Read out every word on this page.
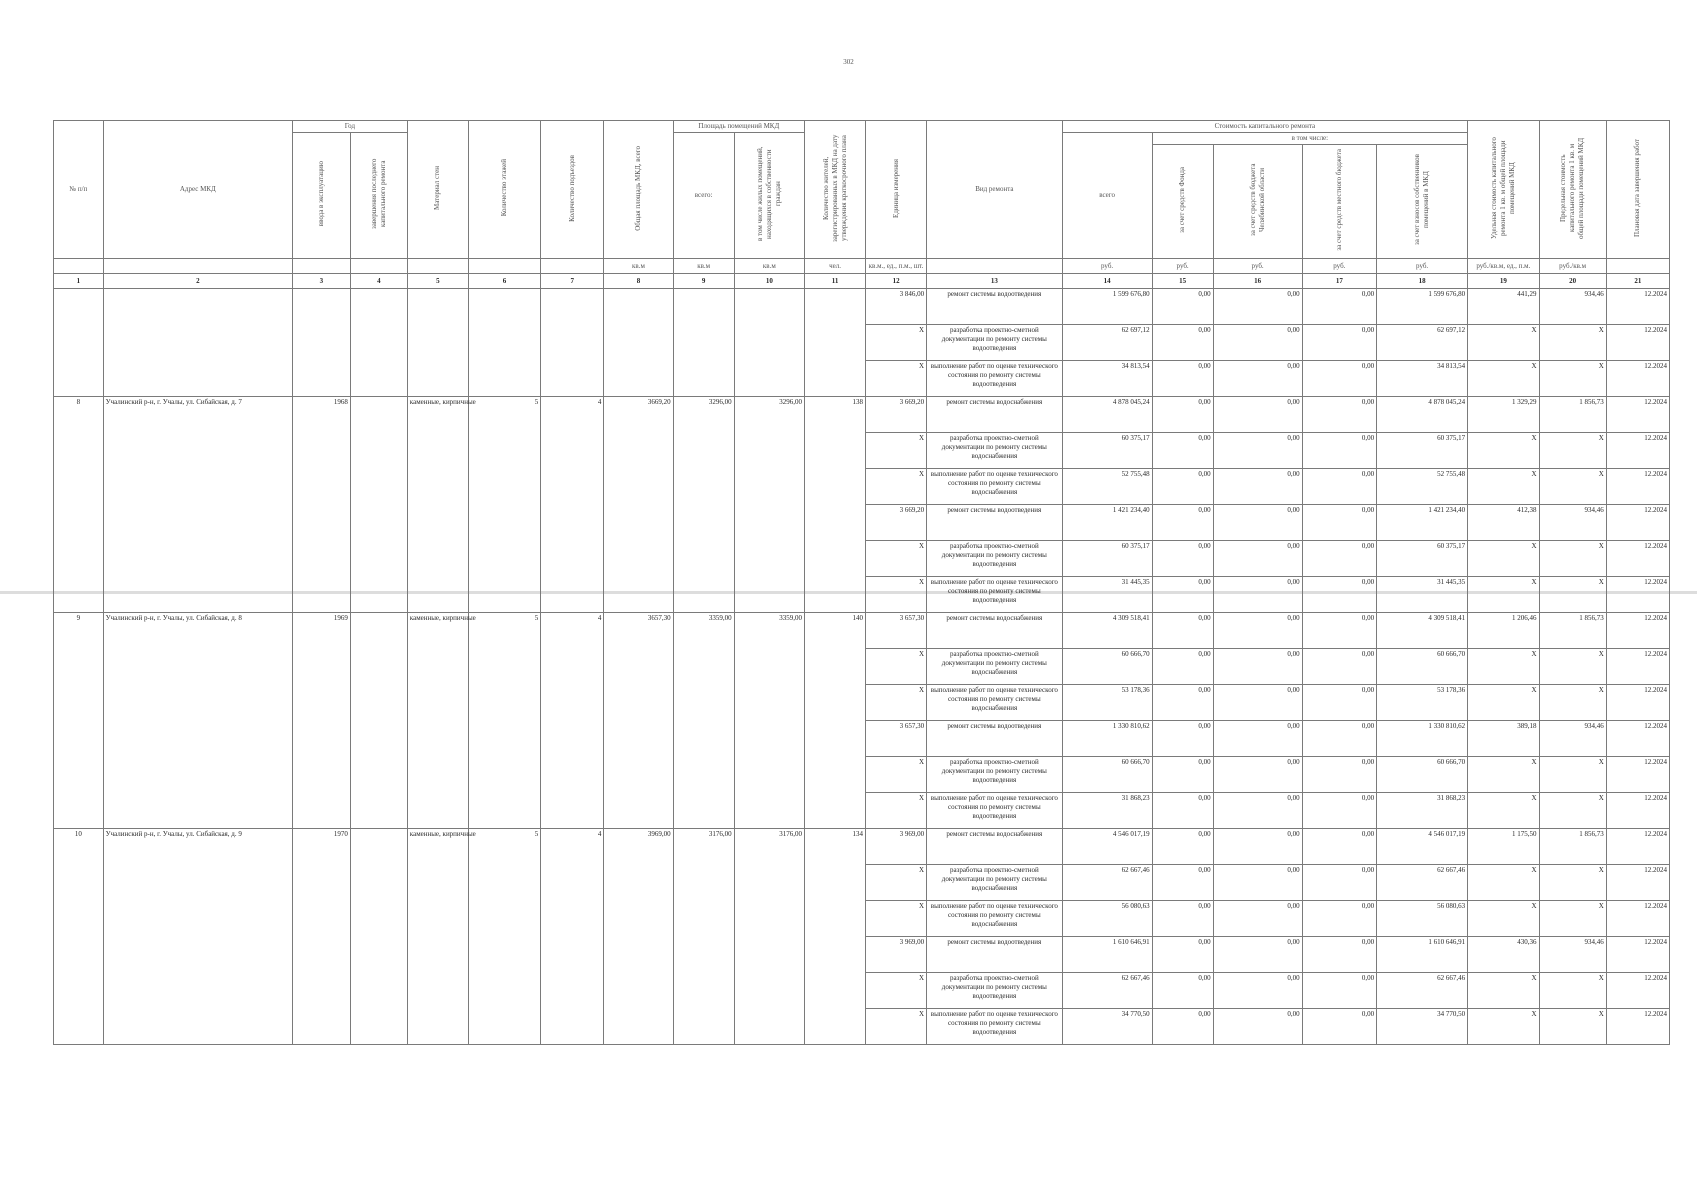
302
№ п/п	Адрес МКД	Год		Материал стен	Количество этажей	Количество подъездов	Общая площадь МКД, всего	Площадь помещений МКД		Количество жителей, зарегистрированных в МКД на дату утверждения краткосрочного плана	Единица измерения	Вид ремонта	Стоимость капитального ремонта					Удельная стоимость капитального ремонта 1 кв. м общей площади помещений МКД	Предельная стоимость капитального ремонта 1 кв. м общей площади помещений МКД	Плановая дата завершения работ
		ввода в эксплуатацию	завершения последнего капитального ремонта					всего:	в том числе жилых помещений, находящихся в собственности граждан				всего	в том числе:						
														за счет средств Фонда	за счет средств бюджета Челябинской области	за счет средств местного бюджета	за счет взносов собственников помещений в МКД			
							кв.м	кв.м	кв.м	чел.	кв.м., ед., п.м., шт.		руб.	руб.	руб.	руб.	руб.	руб./кв.м, ед., п.м.	руб./кв.м	
1	2	3	4	5	6	7	8	9	10	11	12	13	14	15	16	17	18	19	20	21
											3 846,00	ремонт системы водоотведения	1 599 676,80	0,00	0,00	0,00	1 599 676,80	441,29	934,46	12.2024
											X	разработка проектно-сметной документации по ремонту системы водоотведения	62 697,12	0,00	0,00	0,00	62 697,12	X	X	12.2024
											X	выполнение работ по оценке технического состояния по ремонту системы водоотведения	34 813,54	0,00	0,00	0,00	34 813,54	X	X	12.2024
8	Учалинский р-н, г. Учалы, ул. Сибайская, д. 7	1968		каменные, кирпичные	5	4	3669,20	3296,00	3296,00	138	3 669,20	ремонт системы водоснабжения	4 878 045,24	0,00	0,00	0,00	4 878 045,24	1 329,29	1 856,73	12.2024
											X	разработка проектно-сметной документации по ремонту системы водоснабжения	60 375,17	0,00	0,00	0,00	60 375,17	X	X	12.2024
											X	выполнение работ по оценке технического состояния по ремонту системы водоснабжения	52 755,48	0,00	0,00	0,00	52 755,48	X	X	12.2024
											3 669,20	ремонт системы водоотведения	1 421 234,40	0,00	0,00	0,00	1 421 234,40	412,38	934,46	12.2024
											X	разработка проектно-сметной документации по ремонту системы водоотведения	60 375,17	0,00	0,00	0,00	60 375,17	X	X	12.2024
											X	выполнение работ по оценке технического состояния по ремонту системы водоотведения	31 445,35	0,00	0,00	0,00	31 445,35	X	X	12.2024
9	Учалинский р-н, г. Учалы, ул. Сибайская, д. 8	1969		каменные, кирпичные	5	4	3657,30	3359,00	3359,00	140	3 657,30	ремонт системы водоснабжения	4 309 518,41	0,00	0,00	0,00	4 309 518,41	1 206,46	1 856,73	12.2024
											X	разработка проектно-сметной документации по ремонту системы водоснабжения	60 666,70	0,00	0,00	0,00	60 666,70	X	X	12.2024
											X	выполнение работ по оценке технического состояния по ремонту системы водоснабжения	53 178,36	0,00	0,00	0,00	53 178,36	X	X	12.2024
											3 657,30	ремонт системы водоотведения	1 330 810,62	0,00	0,00	0,00	1 330 810,62	389,18	934,46	12.2024
											X	разработка проектно-сметной документации по ремонту системы водоотведения	60 666,70	0,00	0,00	0,00	60 666,70	X	X	12.2024
											X	выполнение работ по оценке технического состояния по ремонту системы водоотведения	31 868,23	0,00	0,00	0,00	31 868,23	X	X	12.2024
10	Учалинский р-н, г. Учалы, ул. Сибайская, д. 9	1970		каменные, кирпичные	5	4	3969,00	3176,00	3176,00	134	3 969,00	ремонт системы водоснабжения	4 546 017,19	0,00	0,00	0,00	4 546 017,19	1 175,50	1 856,73	12.2024
											X	разработка проектно-сметной документации по ремонту системы водоснабжения	62 667,46	0,00	0,00	0,00	62 667,46	X	X	12.2024
											X	выполнение работ по оценке технического состояния по ремонту системы водоснабжения	56 080,63	0,00	0,00	0,00	56 080,63	X	X	12.2024
											3 969,00	ремонт системы водоотведения	1 610 646,91	0,00	0,00	0,00	1 610 646,91	430,36	934,46	12.2024
											X	разработка проектно-сметной документации по ремонту системы водоотведения	62 667,46	0,00	0,00	0,00	62 667,46	X	X	12.2024
											X	выполнение работ по оценке технического состояния по ремонту системы водоотведения	34 770,50	0,00	0,00	0,00	34 770,50	X	X	12.2024
